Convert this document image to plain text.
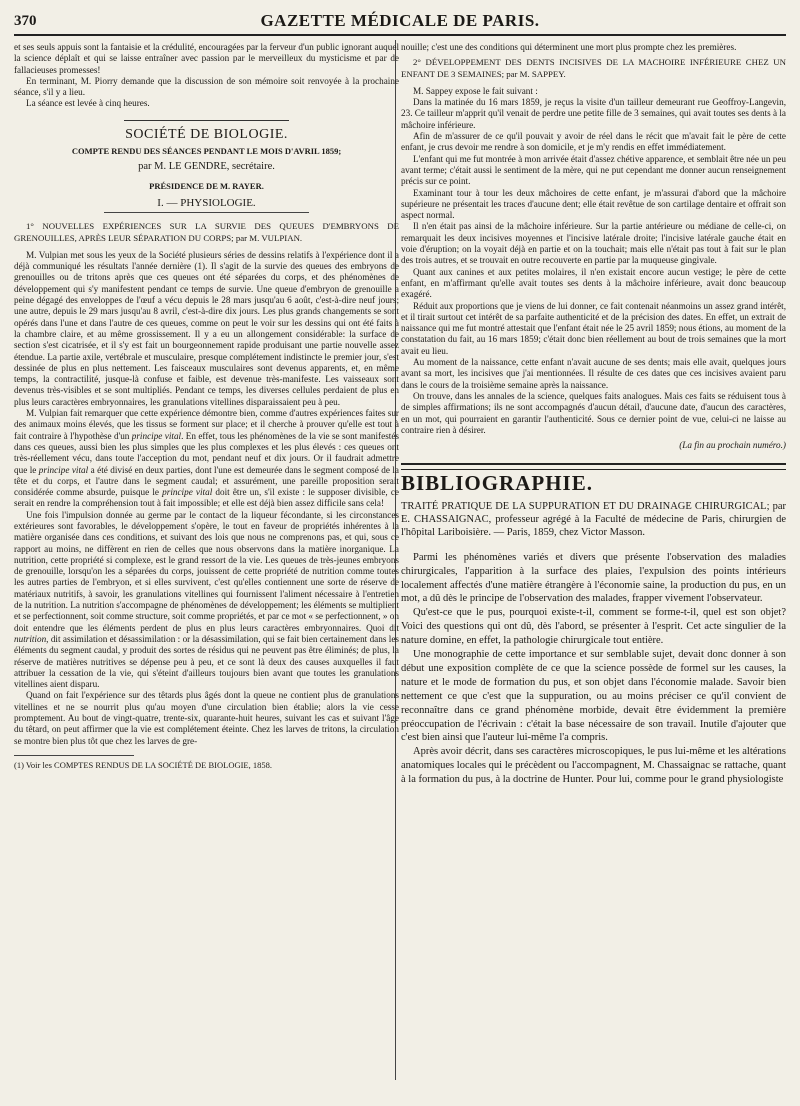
370	GAZETTE MÉDICALE DE PARIS.

et ses seuls appuis sont la fantaisie et la crédulité, encouragées par la ferveur d'un public ignorant auquel la science déplaît et qui se laisse entraîner avec passion par le merveilleux du mysticisme et par de fallacieuses promesses!

En terminant, M. Piorry demande que la discussion de son mémoire soit renvoyée à la prochaine séance, s'il y a lieu.

La séance est levée à cinq heures.

SOCIÉTÉ DE BIOLOGIE.

COMPTE RENDU DES SÉANCES PENDANT LE MOIS D'AVRIL 1859;

par M. LE GENDRE, secrétaire.

PRÉSIDENCE DE M. RAYER.

I. — PHYSIOLOGIE.

1° NOUVELLES EXPÉRIENCES SUR LA SURVIE DES QUEUES D'EMBRYONS DE GRENOUILLES, APRÈS LEUR SÉPARATION DU CORPS; par M. VULPIAN.

M. Vulpian met sous les yeux de la Société plusieurs séries de dessins relatifs à l'expérience dont il a déjà communiqué les résultats l'année dernière (1). Il s'agit de la survie des queues des embryons de grenouilles ou de tritons après que ces queues ont été séparées du corps, et des phénomènes de développement qui s'y manifestent pendant ce temps de survie. Une queue d'embryon de grenouille a peine dégagé des enveloppes de l'œuf a vécu depuis le 28 mars jusqu'au 6 août, c'est-à-dire neuf jours; une autre, depuis le 29 mars jusqu'au 8 avril, c'est-à-dire dix jours. Les plus grands changements se sont opérés dans l'une et dans l'autre de ces queues, comme on peut le voir sur les dessins qui ont été faits à la chambre claire, et au même grossissement. Il y a eu un allongement considérable: la surface de section s'est cicatrisée, et il s'y est fait un bourgeonnement rapide produisant une partie nouvelle assez étendue. La partie axile, vertébrale et musculaire, presque complétement indistincte le premier jour, s'est dessinée de plus en plus nettement. Les faisceaux musculaires sont devenus apparents, et, en même temps, la contractilité, jusque-là confuse et faible, est devenue très-manifeste. Les vaisseaux sont devenus très-visibles et se sont multipliés. Pendant ce temps, les diverses cellules perdaient de plus en plus leurs caractères embryonnaires, les granulations vitellines disparaissaient peu à peu.

M. Vulpian fait remarquer que cette expérience démontre bien, comme d'autres expériences faites sur des animaux moins élevés, que les tissus se forment sur place; et il cherche à prouver qu'elle est tout à fait contraire à l'hypothèse d'un principe vital. En effet, tous les phénomènes de la vie se sont manifestés dans ces queues, aussi bien les plus simples que les plus complexes et les plus élevés : ces queues ont très-réellement vécu, dans toute l'acception du mot, pendant neuf et dix jours. Or il faudrait admettre que le principe vital a été divisé en deux parties, dont l'une est demeurée dans le segment composé de la tête et du corps, et l'autre dans le segment caudal; et assurément, une pareille proposition serait considérée comme absurde, puisque le principe vital doit être un, s'il existe : le supposer divisible, ce serait en rendre la compréhension tout à fait impossible; et elle est déjà bien assez difficile sans cela!

Une fois l'impulsion donnée au germe par le contact de la liqueur fécondante, si les circonstances extérieures sont favorables, le développement s'opère, le tout en faveur de propriétés inhérentes à la matière organisée dans ces conditions, et suivant des lois que nous ne comprenons pas, et qui, sous ce rapport au moins, ne diffèrent en rien de celles que nous observons dans la matière inorganique. La nutrition, cette propriété si complexe, est le grand ressort de la vie. Les queues de très-jeunes embryons de grenouille, lorsqu'on les a séparées du corps, jouissent de cette propriété de nutrition comme toutes les autres parties de l'embryon, et si elles survivent, c'est qu'elles contiennent une sorte de réserve de matériaux nutritifs, à savoir, les granulations vitellines qui fournissent l'aliment nécessaire à l'entretien de la nutrition. La nutrition s'accompagne de phénomènes de développement; les éléments se multiplient et se perfectionnent, soit comme structure, soit comme propriétés, et par ce mot « se perfectionnent, » on doit entendre que les éléments perdent de plus en plus leurs caractères embryonnaires. Quoi dit nutrition, dit assimilation et désassimilation : or la désassimilation, qui se fait bien certainement dans les éléments du segment caudal, y produit des sortes de résidus qui ne peuvent pas être éliminés; de plus, la réserve de matières nutritives se dépense peu à peu, et ce sont là deux des causes auxquelles il faut attribuer la cessation de la vie, qui s'éteint d'ailleurs toujours bien avant que toutes les granulations vitellines aient disparu.

Quand on fait l'expérience sur des têtards plus âgés dont la queue ne contient plus de granulations vitellines et ne se nourrit plus qu'au moyen d'une circulation bien établie; alors la vie cesse promptement. Au bout de vingt-quatre, trente-six, quarante-huit heures, suivant les cas et suivant l'âge du têtard, on peut affirmer que la vie est complétement éteinte. Chez les larves de tritons, la circulation se montre bien plus tôt que chez les larves de gre-

(1) Voir les COMPTES RENDUS DE LA SOCIÉTÉ DE BIOLOGIE, 1858.

nouille; c'est une des conditions qui déterminent une mort plus prompte chez les premières.

2° DÉVELOPPEMENT DES DENTS INCISIVES DE LA MACHOIRE INFÉRIEURE CHEZ UN ENFANT DE 3 SEMAINES; par M. SAPPEY.

M. Sappey expose le fait suivant :

Dans la matinée du 16 mars 1859, je reçus la visite d'un tailleur demeurant rue Geoffroy-Langevin, 23. Ce tailleur m'apprit qu'il venait de perdre une petite fille de 3 semaines, qui avait toutes ses dents à la mâchoire inférieure.

Afin de m'assurer de ce qu'il pouvait y avoir de réel dans le récit que m'avait fait le père de cette enfant, je crus devoir me rendre à son domicile, et je m'y rendis en effet immédiatement.

L'enfant qui me fut montrée à mon arrivée était d'assez chétive apparence, et semblait être née un peu avant terme; c'était aussi le sentiment de la mère, qui ne put cependant me donner aucun renseignement précis sur ce point.

Examinant tour à tour les deux mâchoires de cette enfant, je m'assurai d'abord que la mâchoire supérieure ne présentait les traces d'aucune dent; elle était revêtue de son cartilage dentaire et offrait son aspect normal.

Il n'en était pas ainsi de la mâchoire inférieure. Sur la partie antérieure ou médiane de celle-ci, on remarquait les deux incisives moyennes et l'incisive latérale droite; l'incisive latérale gauche était en voie d'éruption; on la voyait déjà en partie et on la touchait; mais elle n'était pas tout à fait sur le plan des trois autres, et se trouvait en outre recouverte en partie par la muqueuse gingivale.

Quant aux canines et aux petites molaires, il n'en existait encore aucun vestige; le père de cette enfant, en m'affirmant qu'elle avait toutes ses dents à la mâchoire inférieure, avait donc beaucoup exagéré.

Réduit aux proportions que je viens de lui donner, ce fait contenait néanmoins un assez grand intérêt, et il tirait surtout cet intérêt de sa parfaite authenticité et de la précision des dates. En effet, un extrait de naissance qui me fut montré attestait que l'enfant était née le 25 avril 1859; nous étions, au moment de la constatation du fait, au 16 mars 1859; c'était donc bien réellement au bout de trois semaines que la mort avait eu lieu.

Au moment de la naissance, cette enfant n'avait aucune de ses dents; mais elle avait, quelques jours avant sa mort, les incisives que j'ai mentionnées. Il résulte de ces dates que ces incisives avaient paru dans le cours de la troisième semaine après la naissance.

On trouve, dans les annales de la science, quelques faits analogues. Mais ces faits se réduisent tous à de simples affirmations; ils ne sont accompagnés d'aucun détail, d'aucune date, d'aucun des caractères, en un mot, qui pourraient en garantir l'authenticité. Sous ce dernier point de vue, celui-ci ne laisse au contraire rien à désirer.

(La fin au prochain numéro.)

BIBLIOGRAPHIE.

TRAITÉ PRATIQUE DE LA SUPPURATION ET DU DRAINAGE CHIRURGICAL; par E. CHASSAIGNAC, professeur agrégé à la Faculté de médecine de Paris, chirurgien de l'hôpital Lariboisière. — Paris, 1859, chez Victor Masson.

Parmi les phénomènes variés et divers que présente l'observation des maladies chirurgicales, l'apparition à la surface des plaies, l'expulsion des points intérieurs localement affectés d'une matière étrangère à l'économie saine, la production du pus, en un mot, a dû dès le principe de l'observation des malades, frapper vivement l'observateur.

Qu'est-ce que le pus, pourquoi existe-t-il, comment se forme-t-il, quel est son objet? Voici des questions qui ont dû, dès l'abord, se présenter à l'esprit. Cet acte singulier de la nature domine, en effet, la pathologie chirurgicale tout entière.

Une monographie de cette importance et sur semblable sujet, devait donc donner à son début une exposition complète de ce que la science possède de formel sur les causes, la nature et le mode de formation du pus, et son objet dans l'économie malade. Savoir bien nettement ce que c'est que la suppuration, ou au moins préciser ce qu'il convient de reconnaître dans ce grand phénomène morbide, devait être évidemment la première préoccupation de l'écrivain : c'était la base nécessaire de son travail. Inutile d'ajouter que c'est bien ainsi que l'auteur lui-même l'a compris.

Après avoir décrit, dans ses caractères microscopiques, le pus lui-même et les altérations anatomiques locales qui le précèdent ou l'accompagnent, M. Chassaignac se rattache, quant à la formation du pus, à la doctrine de Hunter. Pour lui, comme pour le grand physiologiste
